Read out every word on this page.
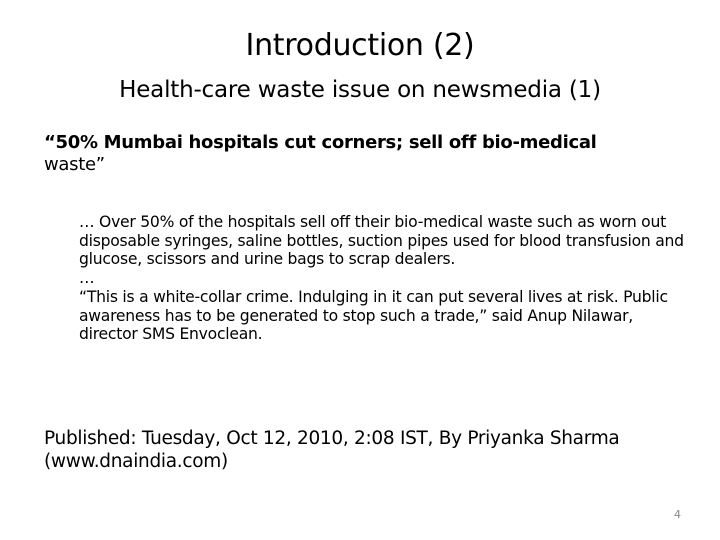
Introduction (2)
Health-care waste issue on newsmedia (1)
“50% Mumbai hospitals cut corners; sell off bio-medical
waste”

… Over 50% of the hospitals sell off their bio-medical waste such as worn out disposable syringes, saline bottles, suction pipes used for blood transfusion and glucose, scissors and urine bags to scrap dealers.

…

“This is a white-collar crime. Indulging in it can put several lives at risk. Public awareness has to be generated to stop such a trade,” said Anup Nilawar, director SMS Envoclean.

Published: Tuesday, Oct 12, 2010, 2:08 IST, By Priyanka Sharma (www.dnaindia.com)
4
